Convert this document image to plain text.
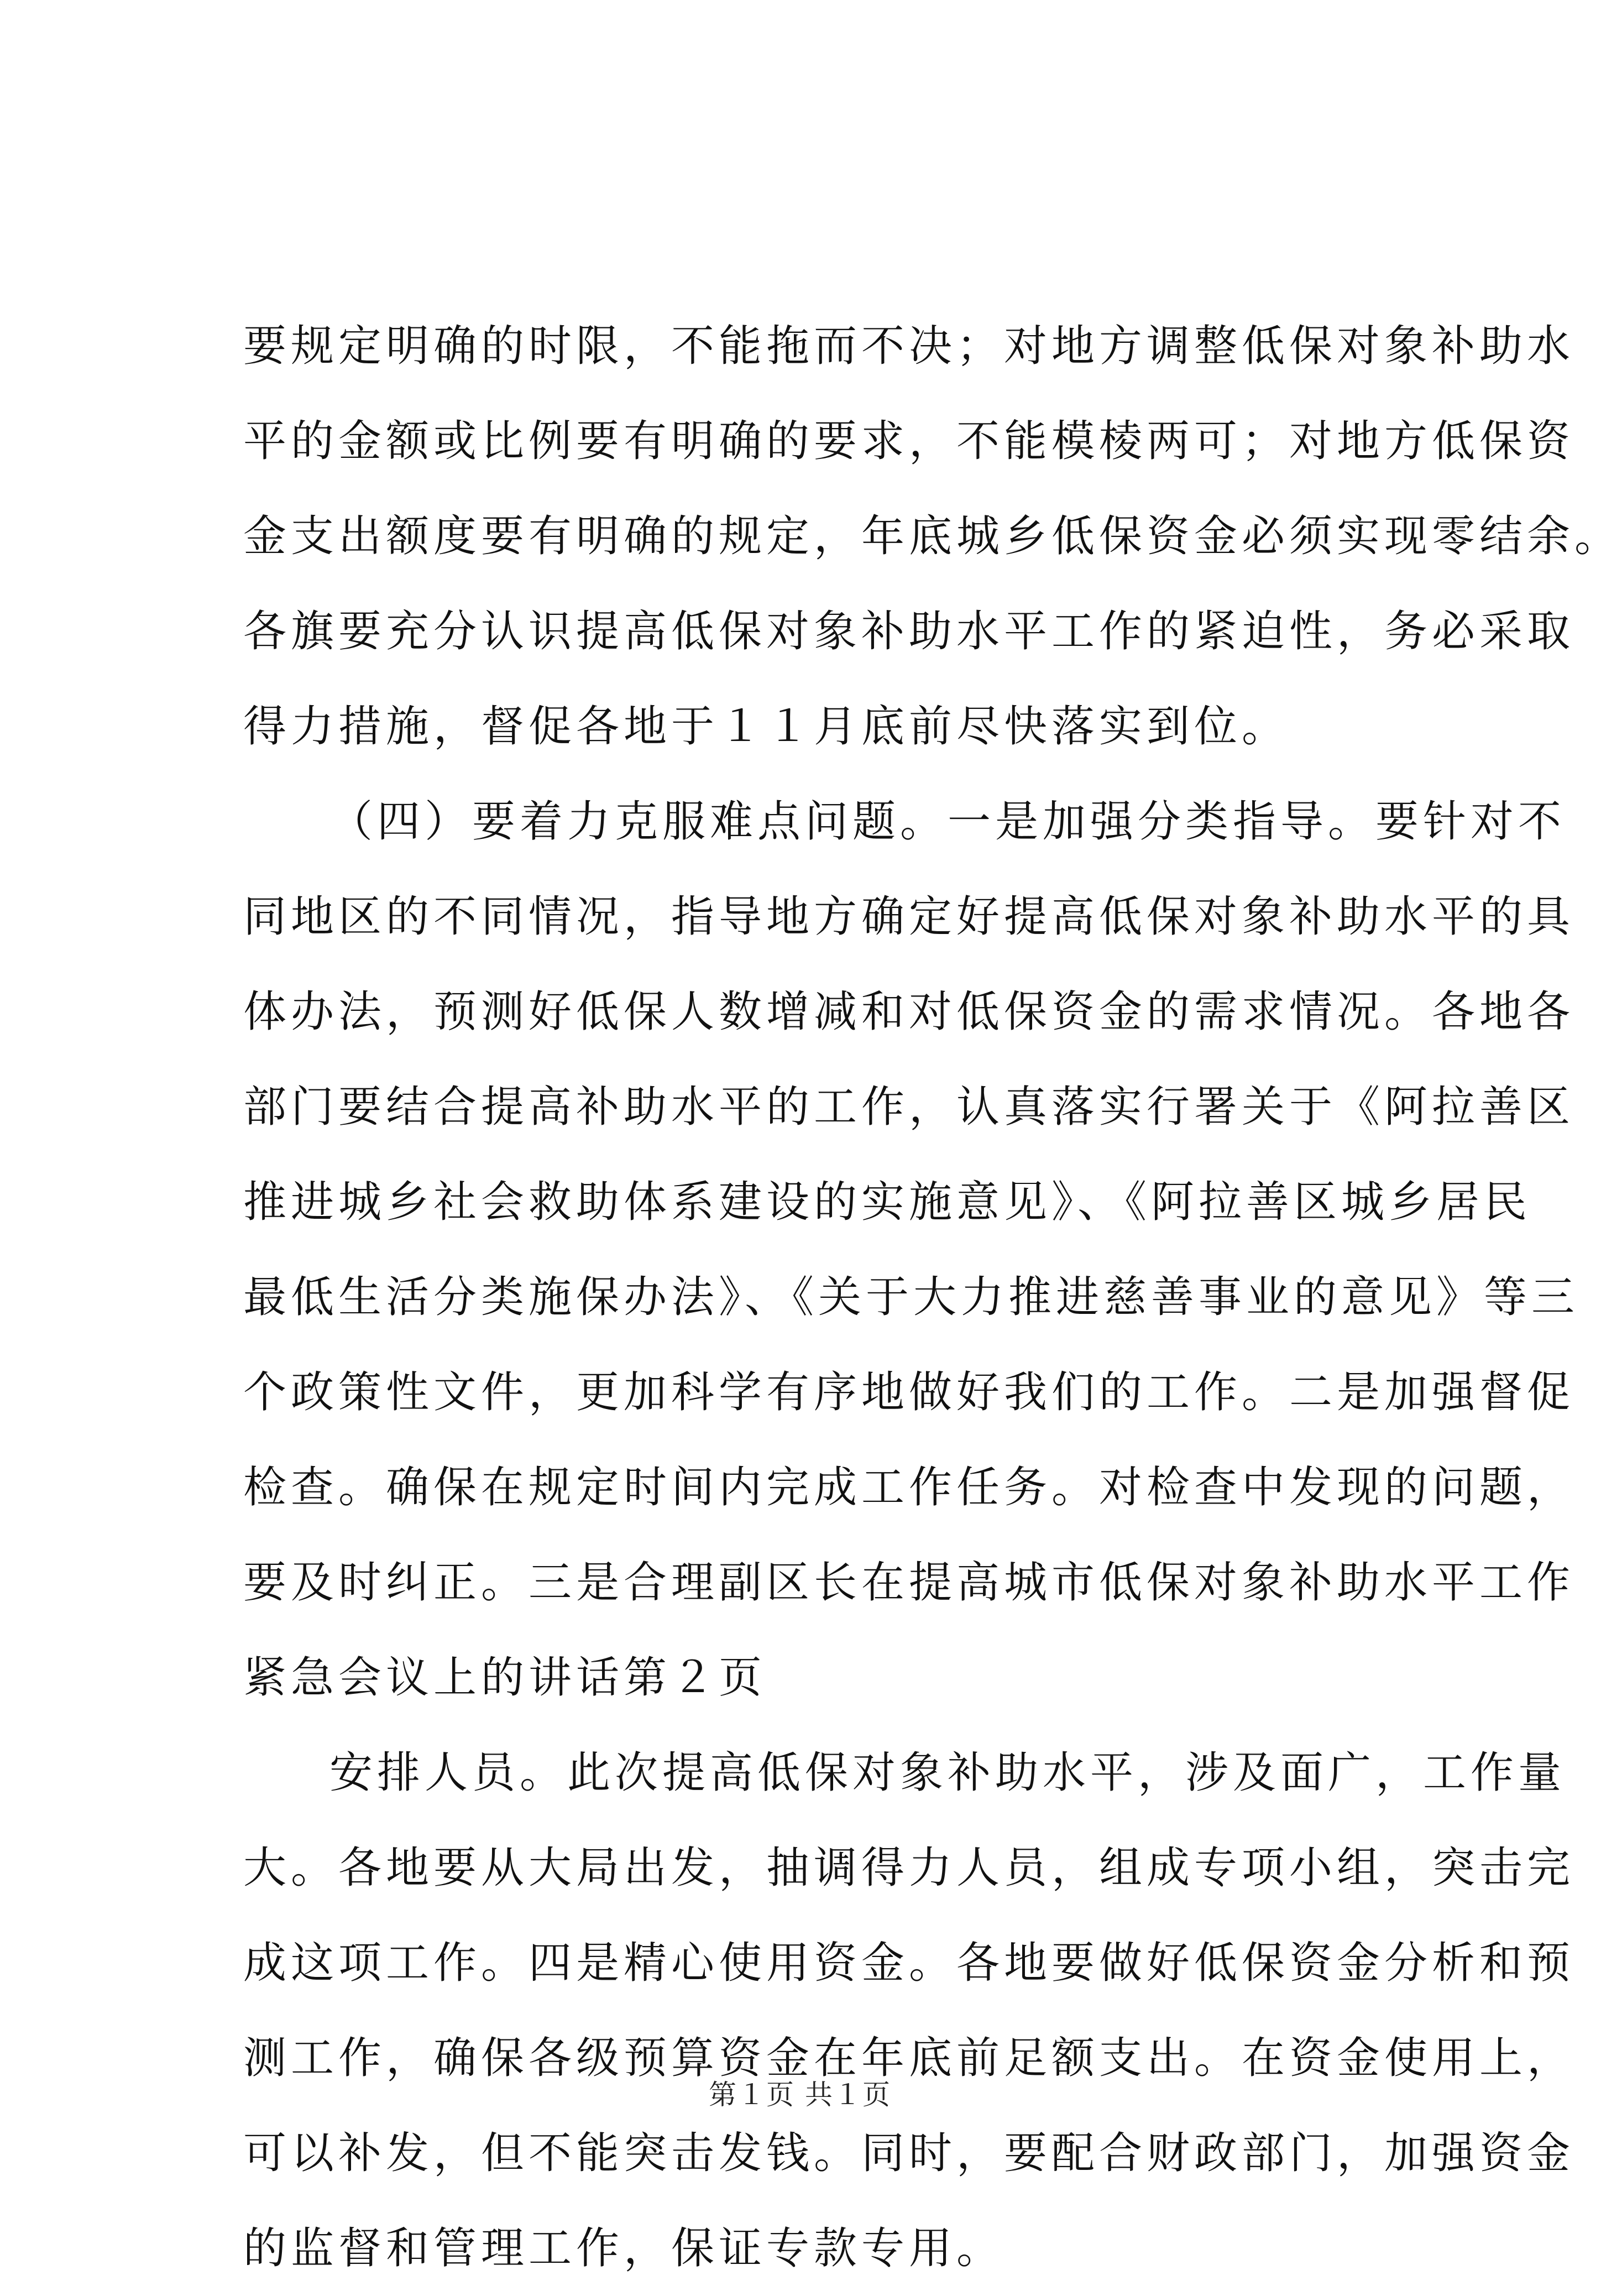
要规定明确的时限，不能拖而不决；对地方调整低保对象补助水
平的金额或比例要有明确的要求，不能模棱两可；对地方低保资
金支出额度要有明确的规定，年底城乡低保资金必须实现零结余。
各旗要充分认识提高低保对象补助水平工作的紧迫性，务必采取
得力措施，督促各地于１１月底前尽快落实到位。
（四）要着力克服难点问题。一是加强分类指导。要针对不
同地区的不同情况，指导地方确定好提高低保对象补助水平的具
体办法，预测好低保人数增减和对低保资金的需求情况。各地各
部门要结合提高补助水平的工作，认真落实行署关于《阿拉善区
推进城乡社会救助体系建设的实施意见》、《阿拉善区城乡居民
最低生活分类施保办法》、《关于大力推进慈善事业的意见》等三
个政策性文件，更加科学有序地做好我们的工作。二是加强督促
检查。确保在规定时间内完成工作任务。对检查中发现的问题，
要及时纠正。三是合理副区长在提高城市低保对象补助水平工作
紧急会议上的讲话第２页
安排人员。此次提高低保对象补助水平，涉及面广，工作量
大。各地要从大局出发，抽调得力人员，组成专项小组，突击完
成这项工作。四是精心使用资金。各地要做好低保资金分析和预
测工作，确保各级预算资金在年底前足额支出。在资金使用上，
可以补发，但不能突击发钱。同时，要配合财政部门，加强资金
的监督和管理工作，保证专款专用。
第１页 共１页
